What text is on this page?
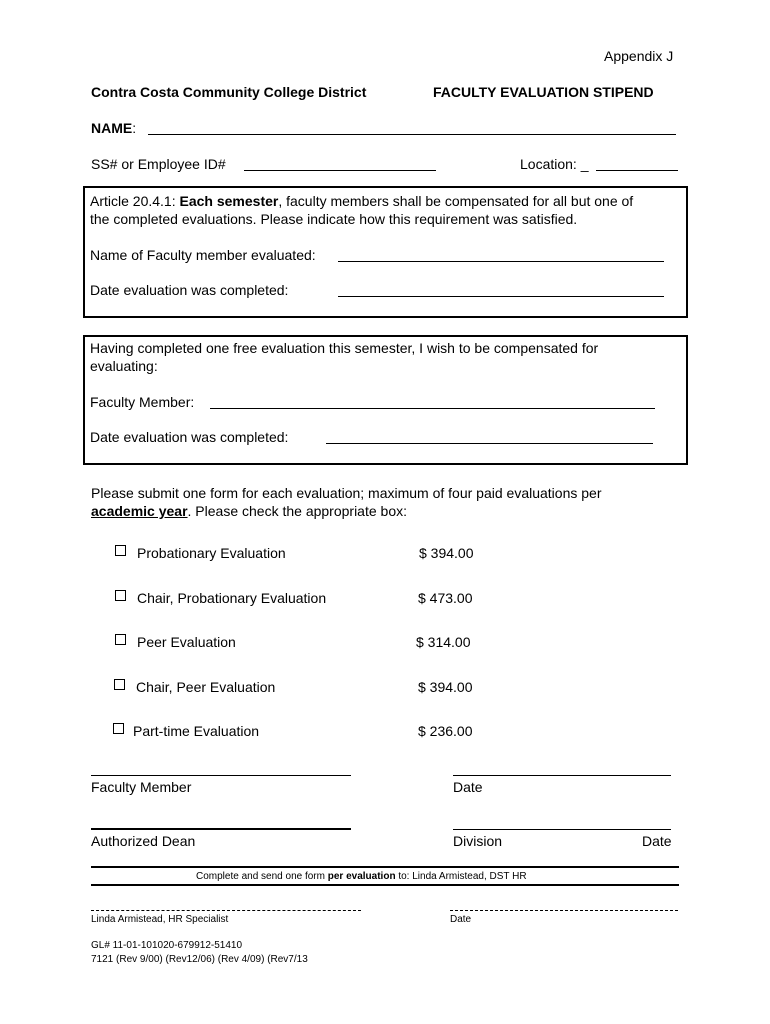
Appendix J
Contra Costa Community College District	FACULTY EVALUATION STIPEND
NAME:
SS# or Employee ID#	Location: _
Article 20.4.1: Each semester, faculty members shall be compensated for all but one of
the completed evaluations. Please indicate how this requirement was satisfied.
Name of Faculty member evaluated:
Date evaluation was completed:
Having completed one free evaluation this semester, I wish to be compensated for
evaluating:
Faculty Member:
Date evaluation was completed:
Please submit one form for each evaluation; maximum of four paid evaluations per
academic year. Please check the appropriate box:
Probationary Evaluation	$ 394.00
Chair, Probationary Evaluation	$ 473.00
Peer Evaluation	$ 314.00
Chair, Peer Evaluation	$ 394.00
Part-time Evaluation	$ 236.00
Faculty Member	Date
Authorized Dean	Division	Date
Complete and send one form per evaluation to: Linda Armistead, DST HR
Linda Armistead, HR Specialist	Date
GL# 11-01-101020-679912-51410
7121 (Rev 9/00) (Rev12/06) (Rev 4/09) (Rev7/13
